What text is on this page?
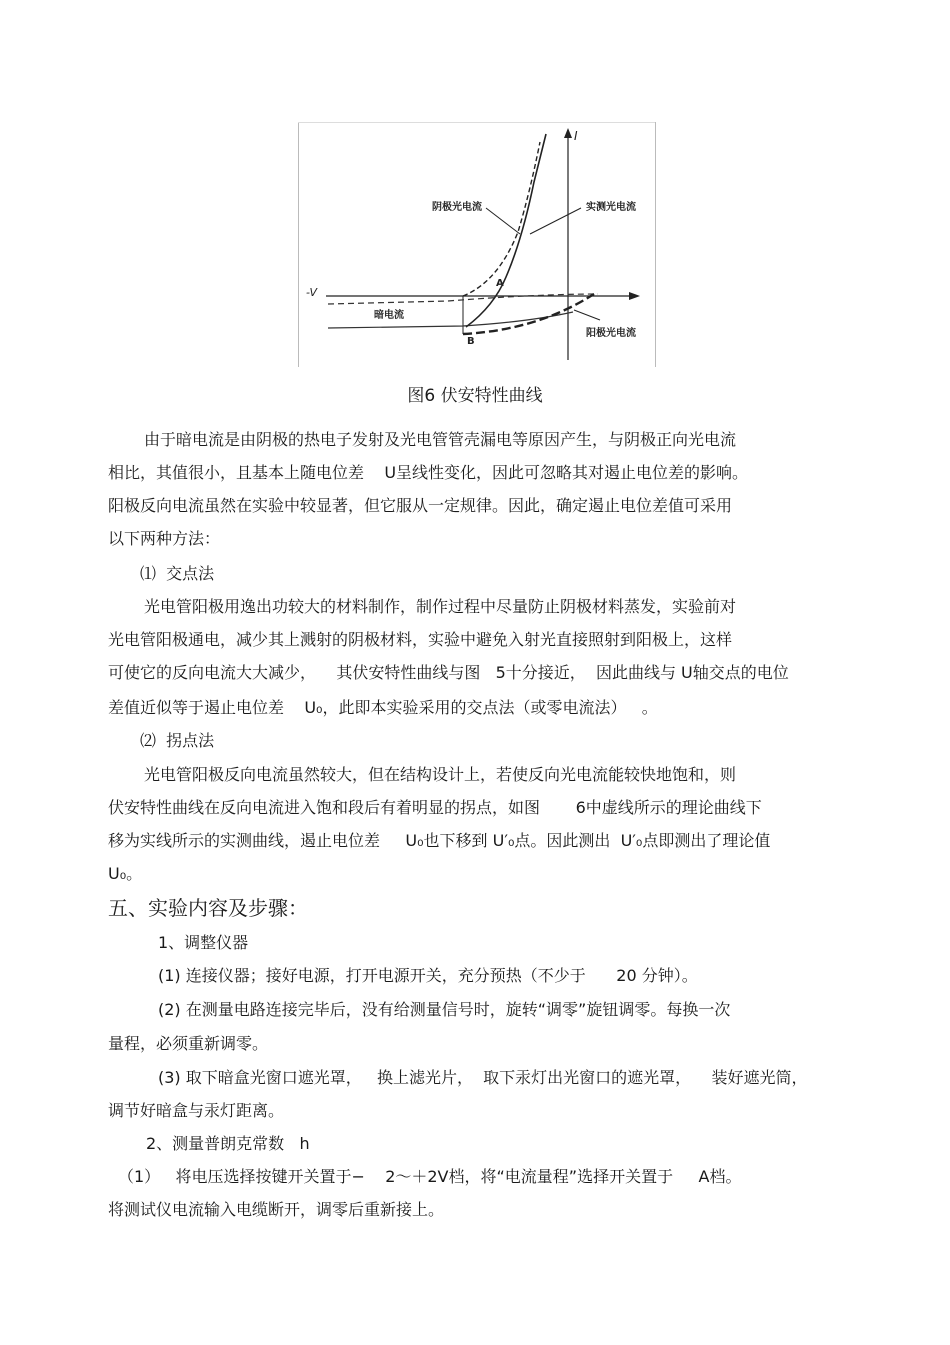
I
-V
阴极光电流	实测光电流
暗电流
阳极光电流
A
B
图6 伏安特性曲线
由于暗电流是由阴极的热电子发射及光电管管壳漏电等原因产生，与阴极正向光电流
相比，其值很小，且基本上随电位差    U呈线性变化，因此可忽略其对遏止电位差的影响。
阳极反向电流虽然在实验中较显著，但它服从一定规律。因此，确定遏止电位差值可采用
以下两种方法：
⑴  交点法
光电管阳极用逸出功较大的材料制作，制作过程中尽量防止阴极材料蒸发，实验前对
光电管阳极通电，减少其上溅射的阴极材料，实验中避免入射光直接照射到阳极上，这样
可使它的反向电流大大减少，    其伏安特性曲线与图   5十分接近，  因此曲线与 U轴交点的电位
差值近似等于遏止电位差    U₀，此即本实验采用的交点法（或零电流法）   。
⑵  拐点法
光电管阳极反向电流虽然较大，但在结构设计上，若使反向光电流能较快地饱和，则
伏安特性曲线在反向电流进入饱和段后有着明显的拐点，如图       6中虚线所示的理论曲线下
移为实线所示的实测曲线，遏止电位差     U₀也下移到 U′₀点。因此测出  U′₀点即测出了理论值
U₀。
五、实验内容及步骤：
1、调整仪器
(1) 连接仪器；接好电源，打开电源开关，充分预热（不少于      20 分钟）。
(2) 在测量电路连接完毕后，没有给测量信号时，旋转“调零”旋钮调零。每换一次
量程，必须重新调零。
(3) 取下暗盒光窗口遮光罩，   换上滤光片，  取下汞灯出光窗口的遮光罩，    装好遮光筒，
调节好暗盒与汞灯距离。
2、测量普朗克常数   h
（1）   将电压选择按键开关置于−    2～＋2V档，将“电流量程”选择开关置于     A档。
将测试仪电流输入电缆断开，调零后重新接上。
